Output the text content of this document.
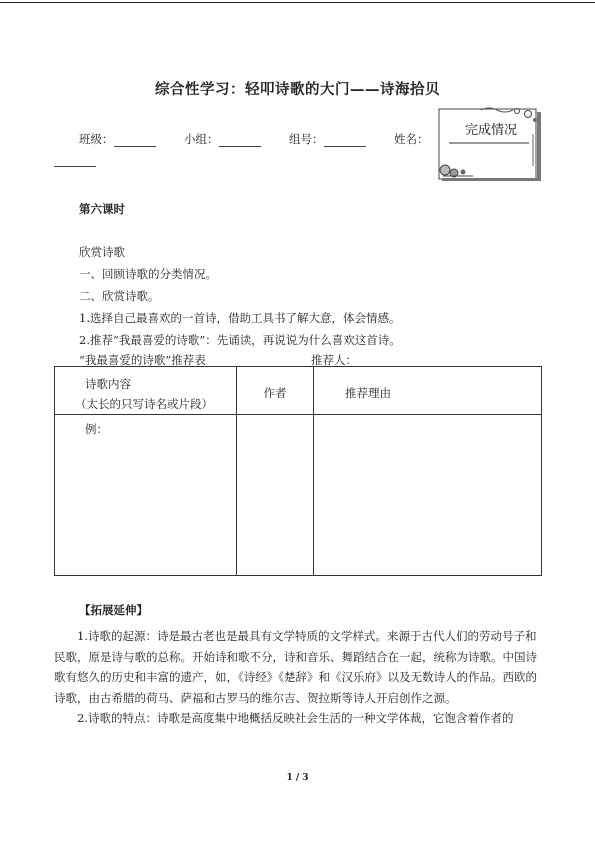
综合性学习：轻叩诗歌的大门——诗海拾贝
班级：	小组：	组号：	姓名：
完成情况
第六课时
欣赏诗歌
一、回顾诗歌的分类情况。
二、欣赏诗歌。
1.选择自己最喜欢的一首诗，借助工具书了解大意，体会情感。
2.推荐“我最喜爱的诗歌”：先诵读，再说说为什么喜欢这首诗。
“我最喜爱的诗歌”推荐表	推荐人：
诗歌内容
（太长的只写诗名或片段）	作者	推荐理由

例：		

【拓展延伸】

1.诗歌的起源：诗是最古老也是最具有文学特质的文学样式。来源于古代人们的劳动号子和民歌，原是诗与歌的总称。开始诗和歌不分，诗和音乐、舞蹈结合在一起，统称为诗歌。中国诗歌有悠久的历史和丰富的遗产，如，《诗经》《楚辞》和《汉乐府》以及无数诗人的作品。西欧的诗歌，由古希腊的荷马、萨福和古罗马的维尔吉、贺拉斯等诗人开启创作之源。

2.诗歌的特点：诗歌是高度集中地概括反映社会生活的一种文学体裁，它饱含着作者的

1 / 3
